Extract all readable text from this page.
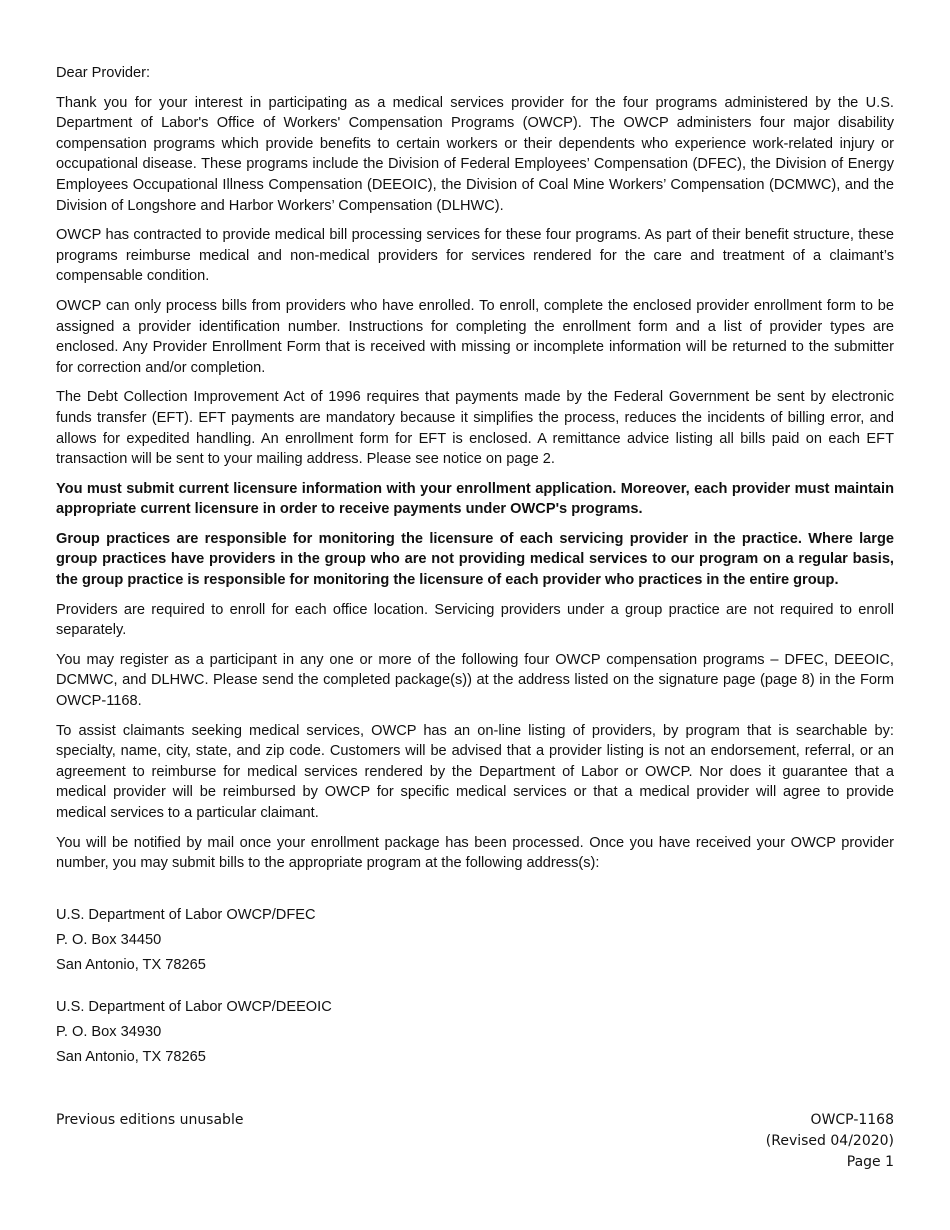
Dear Provider:

Thank you for your interest in participating as a medical services provider for the four programs administered by the U.S. Department of Labor's Office of Workers' Compensation Programs (OWCP). The OWCP administers four major disability compensation programs which provide benefits to certain workers or their dependents who experience work-related injury or occupational disease. These programs include the Division of Federal Employees’ Compensation (DFEC), the Division of Energy Employees Occupational Illness Compensation (DEEOIC), the Division of Coal Mine Workers’ Compensation (DCMWC), and the Division of Longshore and Harbor Workers’ Compensation (DLHWC).

OWCP has contracted to provide medical bill processing services for these four programs. As part of their benefit structure, these programs reimburse medical and non-medical providers for services rendered for the care and treatment of a claimant’s compensable condition.

OWCP can only process bills from providers who have enrolled. To enroll, complete the enclosed provider enrollment form to be assigned a provider identification number. Instructions for completing the enrollment form and a list of provider types are enclosed. Any Provider Enrollment Form that is received with missing or incomplete information will be returned to the submitter for correction and/or completion.

The Debt Collection Improvement Act of 1996 requires that payments made by the Federal Government be sent by electronic funds transfer (EFT). EFT payments are mandatory because it simplifies the process, reduces the incidents of billing error, and allows for expedited handling. An enrollment form for EFT is enclosed. A remittance advice listing all bills paid on each EFT transaction will be sent to your mailing address. Please see notice on page 2.

You must submit current licensure information with your enrollment application. Moreover, each provider must maintain appropriate current licensure in order to receive payments under OWCP's programs.

Group practices are responsible for monitoring the licensure of each servicing provider in the practice. Where large group practices have providers in the group who are not providing medical services to our program on a regular basis, the group practice is responsible for monitoring the licensure of each provider who practices in the entire group.

Providers are required to enroll for each office location. Servicing providers under a group practice are not required to enroll separately.

You may register as a participant in any one or more of the following four OWCP compensation programs – DFEC, DEEOIC, DCMWC, and DLHWC. Please send the completed package(s)) at the address listed on the signature page (page 8) in the Form OWCP-1168.

To assist claimants seeking medical services, OWCP has an on-line listing of providers, by program that is searchable by: specialty, name, city, state, and zip code. Customers will be advised that a provider listing is not an endorsement, referral, or an agreement to reimburse for medical services rendered by the Department of Labor or OWCP. Nor does it guarantee that a medical provider will be reimbursed by OWCP for specific medical services or that a medical provider will agree to provide medical services to a particular claimant.

You will be notified by mail once your enrollment package has been processed. Once you have received your OWCP provider number, you may submit bills to the appropriate program at the following address(s):

U.S. Department of Labor OWCP/DFEC
P. O. Box 34450
San Antonio, TX 78265
U.S. Department of Labor OWCP/DEEOIC
P. O. Box 34930
San Antonio, TX 78265
Previous editions unusable	OWCP-1168
(Revised 04/2020)
Page 1
